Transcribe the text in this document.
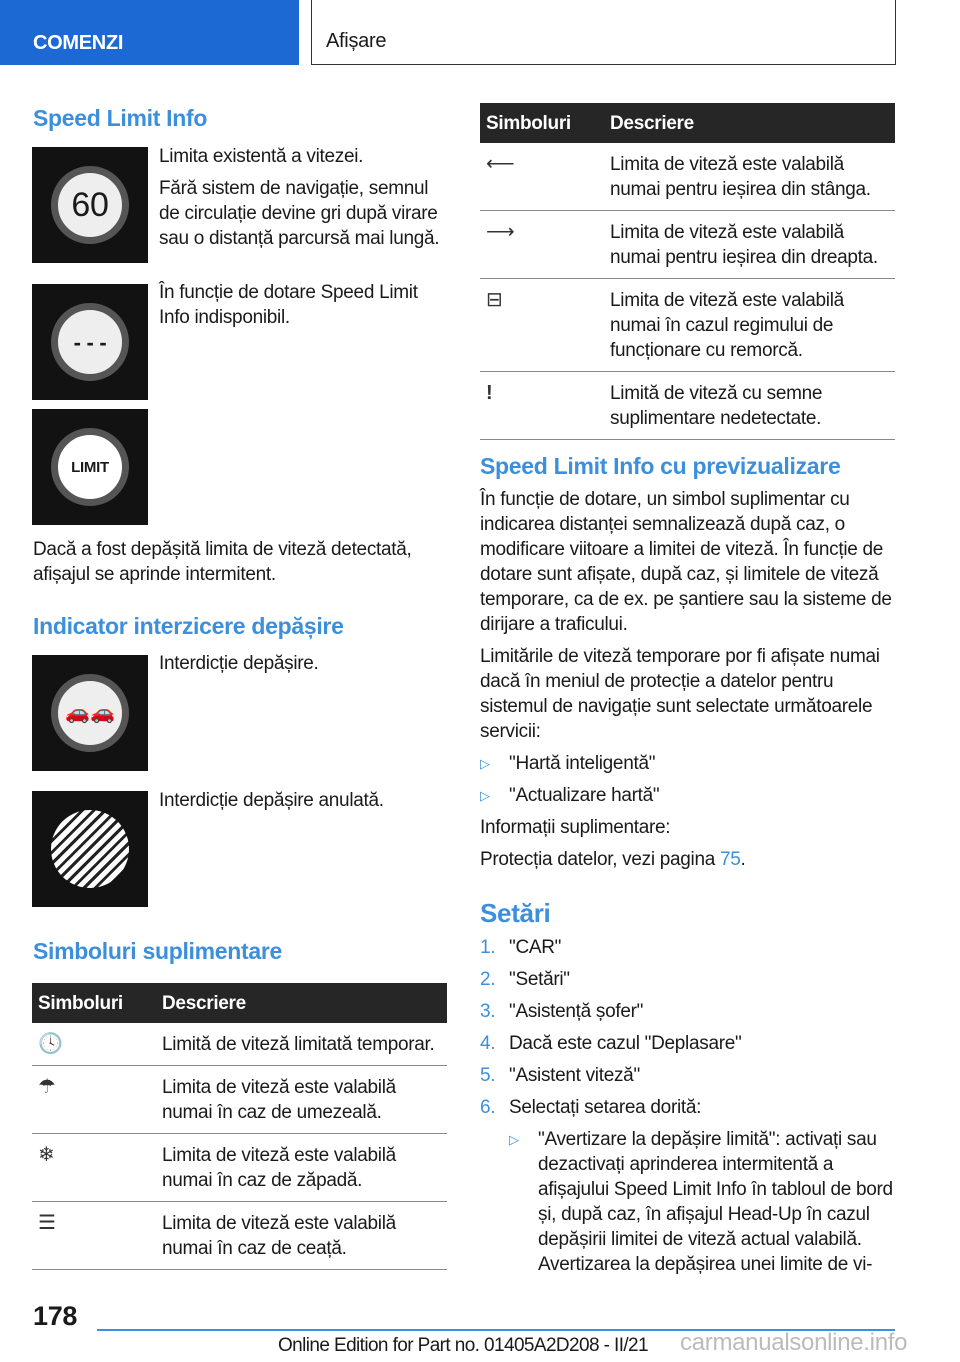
COMENZI	Afișare
Speed Limit Info
60

Limita existentă a vitezei.

Fără sistem de navigație, semnul de circulație devine gri după virare sau o distanță parcursă mai lungă.

- - -

În funcție de dotare Speed Limit Info indisponibil.

LIMIT

Dacă a fost depășită limita de viteză detectată, afișajul se aprinde intermitent.

Indicator interzicere depășire
🚗🚗

Interdicție depășire.

Interdicție depășire anulată.

Simboluri suplimentare
Simboluri	Descriere
🕓	Limită de viteză limitată temporar.
☂	Limita de viteză este valabilă numai în caz de umezeală.
❄	Limita de viteză este valabilă numai în caz de zăpadă.
☰	Limita de viteză este valabilă numai în caz de ceață.
Simboluri	Descriere
⟵	Limita de viteză este valabilă numai pentru ieșirea din stânga.
⟶	Limita de viteză este valabilă numai pentru ieșirea din dreapta.
⊟	Limita de viteză este valabilă numai în cazul regimului de funcționare cu remorcă.
!	Limită de viteză cu semne suplimentare nedetectate.
Speed Limit Info cu previzualizare

În funcție de dotare, un simbol suplimentar cu indicarea distanței semnalizează după caz, o modificare viitoare a limitei de viteză. În funcție de dotare sunt afișate, după caz, și limitele de viteză temporare, ca de ex. pe șantiere sau la sisteme de dirijare a traficului.

Limitările de viteză temporare por fi afișate numai dacă în meniul de protecție a datelor pentru sistemul de navigație sunt selectate următoarele servicii:

▷	"Hartă inteligentă"
▷	"Actualizare hartă"

Informații suplimentare:

Protecția datelor, vezi pagina 75.

Setări
1. "CAR"
2. "Setări"
3. "Asistență șofer"
4. Dacă este cazul "Deplasare"
5. "Asistent viteză"
6. Selectați setarea dorită:
▷	"Avertizare la depășire limită": activați sau dezactivați aprinderea intermitentă a afișajului Speed Limit Info în tabloul de bord și, după caz, în afișajul Head-Up în cazul depășirii limitei de viteză actual valabilă. Avertizarea la depășirea unei limite de vi-
178
Online Edition for Part no. 01405A2D208 - II/21 carmanualsonline.info
